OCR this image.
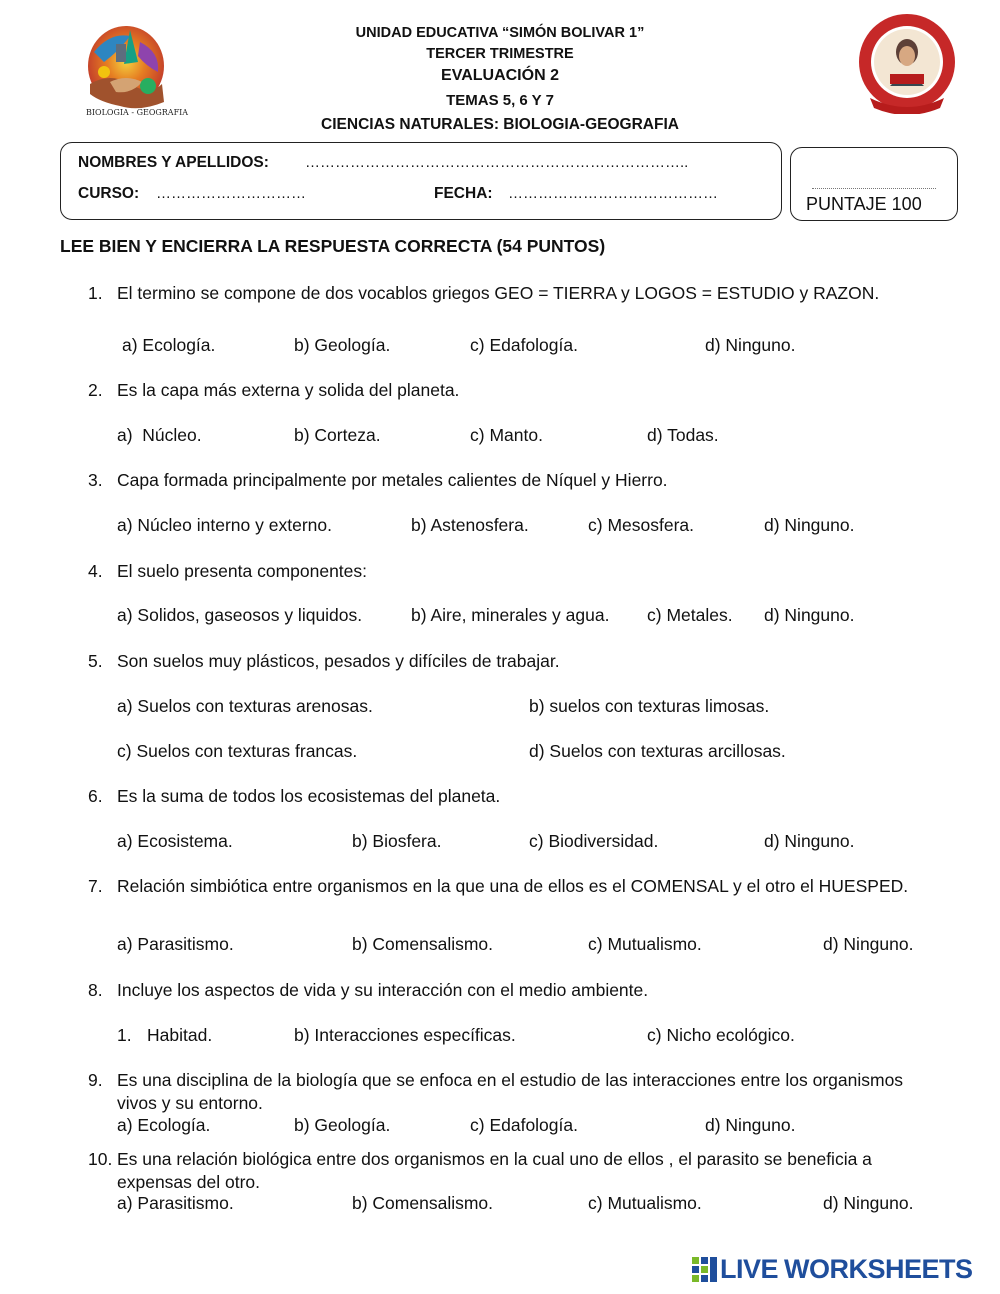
BIOLOGIA - GEOGRAFIA
UNIDAD EDUCATIVA “SIMÓN BOLIVAR 1”
TERCER TRIMESTRE
EVALUACIÓN 2
TEMAS 5, 6 Y 7
CIENCIAS NATURALES: BIOLOGIA-GEOGRAFIA
NOMBRES Y APELLIDOS: …………………………………………………………………..
CURSO: …………………………	FECHA: ……………………………………
PUNTAJE 100
LEE BIEN Y ENCIERRA LA RESPUESTA CORRECTA (54 PUNTOS)
1. El termino se compone de dos vocablos griegos GEO = TIERRA y LOGOS = ESTUDIO y RAZON.
a) Ecología.	b) Geología.	c) Edafología.	d) Ninguno.
2. Es la capa más externa y solida del planeta.
a)  Núcleo.	b) Corteza.	c) Manto.	d) Todas.
3. Capa formada principalmente por metales calientes de Níquel y Hierro.
a) Núcleo interno y externo.	b) Astenosfera.	c) Mesosfera.	d) Ninguno.
4. El suelo presenta componentes:
a) Solidos, gaseosos y liquidos.	b) Aire, minerales y agua. c) Metales. d) Ninguno.
5. Son suelos muy plásticos, pesados y difíciles de trabajar.
a) Suelos con texturas arenosas.	b) suelos con texturas limosas.
c) Suelos con texturas francas.	d) Suelos con texturas arcillosas.
6. Es la suma de todos los ecosistemas del planeta.
a) Ecosistema.	b) Biosfera.	c) Biodiversidad.	d) Ninguno.
7. Relación simbiótica entre organismos en la que una de ellos es el COMENSAL y el otro el HUESPED.
a) Parasitismo.	b) Comensalismo.	c) Mutualismo.	d) Ninguno.
8. Incluye los aspectos de vida y su interacción con el medio ambiente.
1. Habitad.	b) Interacciones específicas.	c) Nicho ecológico.
9. Es una disciplina de la biología que se enfoca en el estudio de las interacciones entre los organismos vivos y su entorno.
a) Ecología.	b) Geología.	c) Edafología.	d) Ninguno.
10. Es una relación biológica entre dos organismos en la cual uno de ellos , el parasito se beneficia a expensas del otro.
a) Parasitismo.	b) Comensalismo.	c) Mutualismo.	d) Ninguno.
LIVE WORKSHEETS
